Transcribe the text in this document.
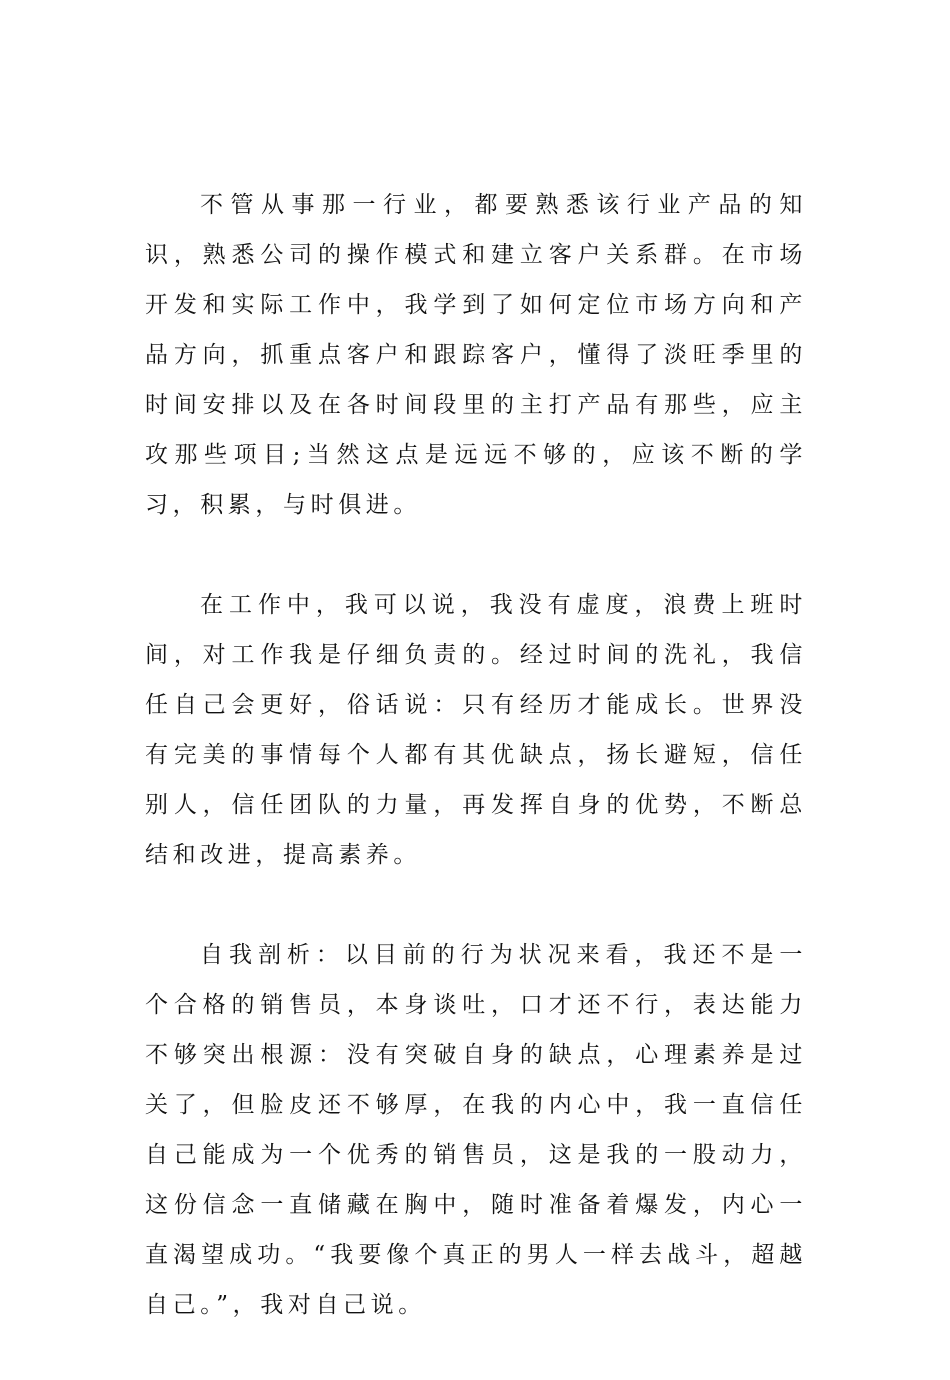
不管从事那一行业，都要熟悉该行业产品的知识，熟悉公司的操作模式和建立客户关系群。在市场开发和实际工作中，我学到了如何定位市场方向和产品方向，抓重点客户和跟踪客户，懂得了淡旺季里的时间安排以及在各时间段里的主打产品有那些，应主攻那些项目;当然这点是远远不够的，应该不断的学习，积累，与时俱进。

在工作中，我可以说，我没有虚度，浪费上班时间，对工作我是仔细负责的。经过时间的洗礼，我信任自己会更好，俗话说：只有经历才能成长。世界没有完美的事情每个人都有其优缺点，扬长避短，信任别人，信任团队的力量，再发挥自身的优势，不断总结和改进，提高素养。

自我剖析：以目前的行为状况来看，我还不是一个合格的销售员，本身谈吐，口才还不行，表达能力不够突出根源：没有突破自身的缺点，心理素养是过关了，但脸皮还不够厚，在我的内心中，我一直信任自己能成为一个优秀的销售员，这是我的一股动力，这份信念一直储藏在胸中，随时准备着爆发，内心一直渴望成功。“我要像个真正的男人一样去战斗，超越自己。”，我对自己说。
